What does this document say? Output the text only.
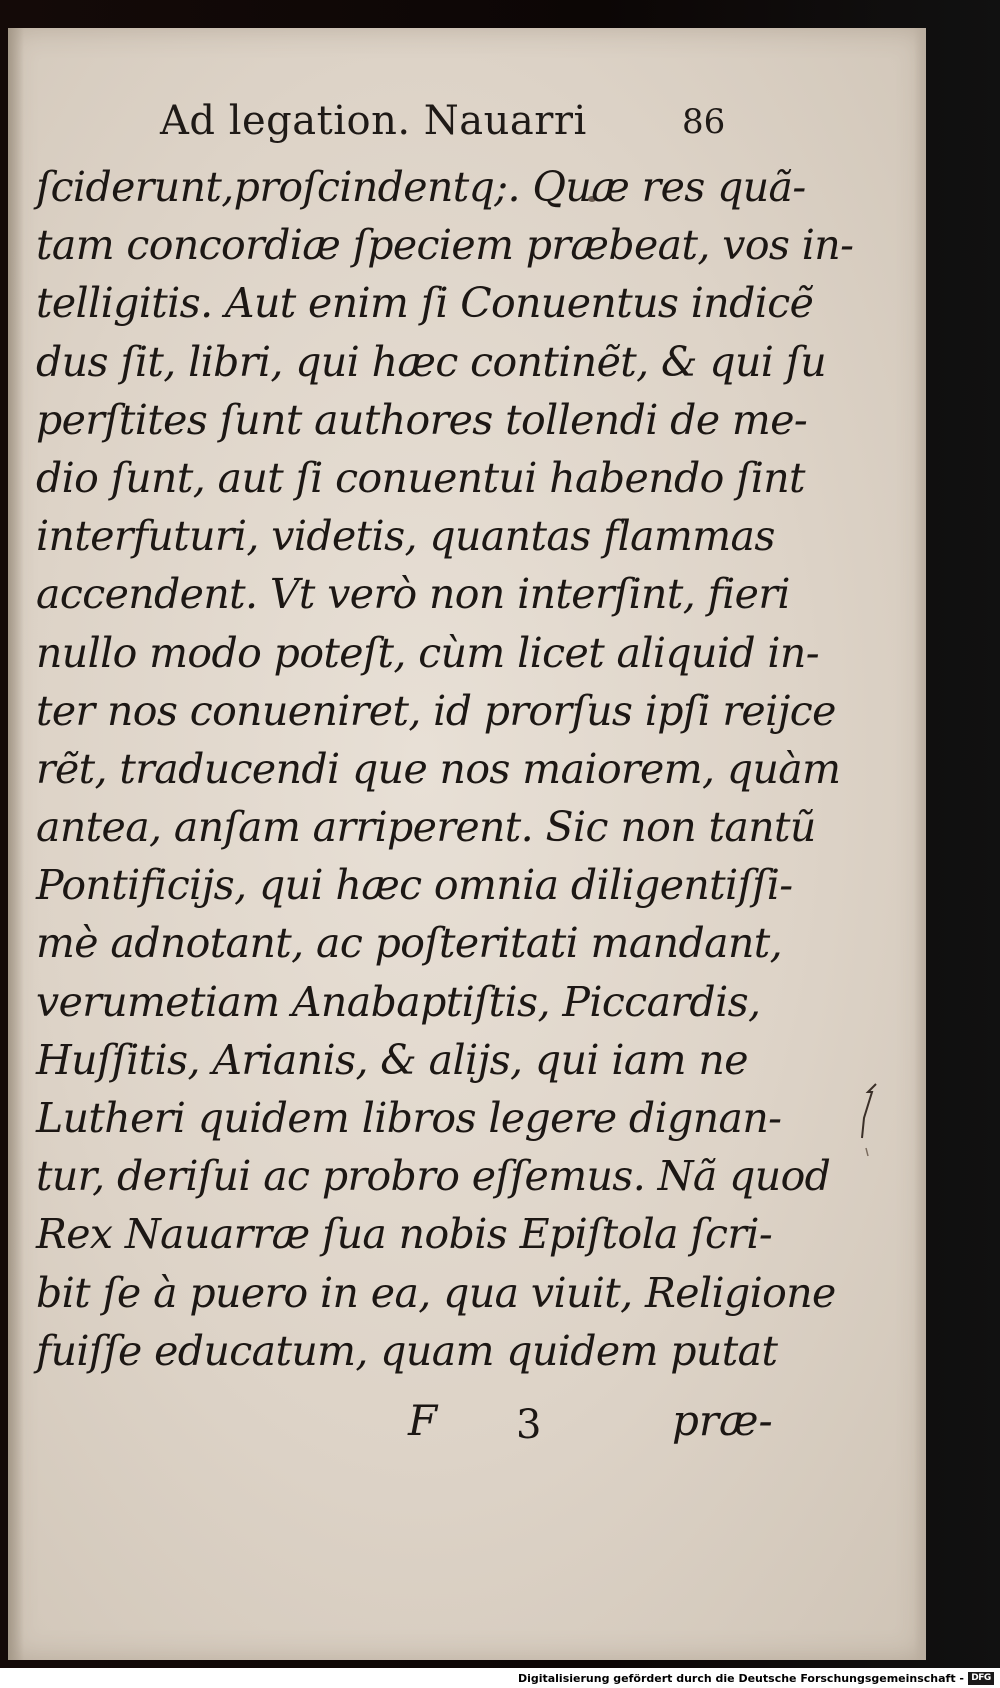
Ad legation. Nauarri	86
ſciderunt,proſcindentq;. Quæ res quã-
tam concordiæ ſpeciem præbeat, vos in-
telligitis. Aut enim ſi Conuentus indicẽ
dus ſit, libri, qui hæc continẽt, & qui ſu
perſtites ſunt authores tollendi de me-
dio ſunt, aut ſi conuentui habendo ſint
interfuturi, videtis, quantas flammas
accendent. Vt verò non interſint, fieri
nullo modo poteſt, cùm licet aliquid in-
ter nos conueniret, id prorſus ipſi reijce
rẽt, traducendi que nos maiorem, quàm
antea, anſam arriperent. Sic non tantũ
Pontificijs, qui hæc omnia diligentiſſi-
mè adnotant, ac poſteritati mandant,
verumetiam Anabaptiſtis, Piccardis,
Huſſitis, Arianis, & alijs, qui iam ne
Lutheri quidem libros legere dignan-
tur, deriſui ac probro eſſemus. Nã quod
Rex Nauarræ ſua nobis Epiſtola ſcri-
bit ſe à puero in ea, qua viuit, Religione
fuiſſe educatum, quam quidem putat
F 3	præ-
Digitalisierung gefördert durch die Deutsche Forschungsgemeinschaft - DFG
